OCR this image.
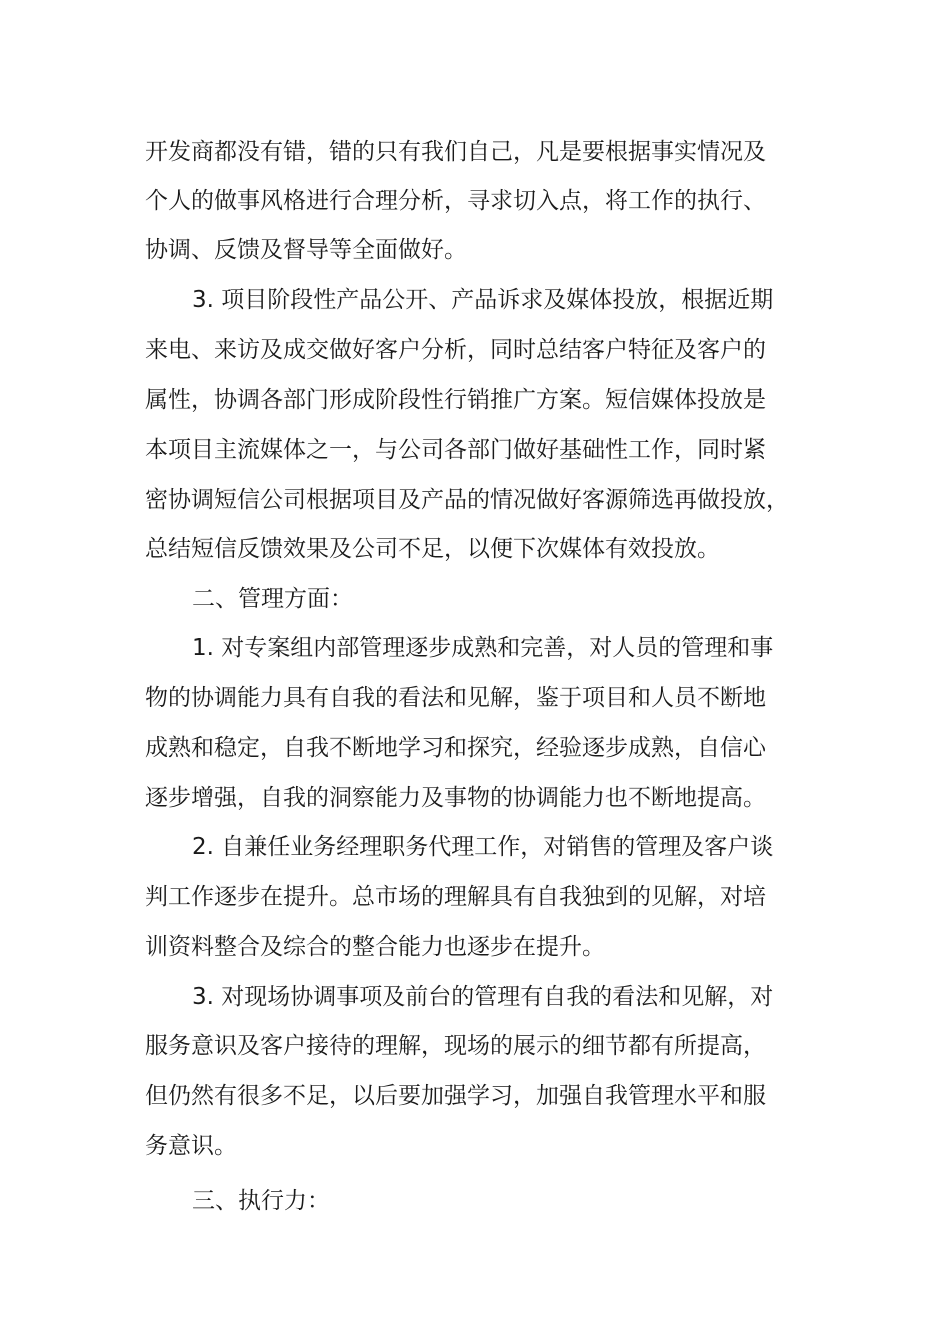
开发商都没有错，错的只有我们自己，凡是要根据事实情况及
个人的做事风格进行合理分析，寻求切入点，将工作的执行、
协调、反馈及督导等全面做好。
3. 项目阶段性产品公开、产品诉求及媒体投放，根据近期
来电、来访及成交做好客户分析，同时总结客户特征及客户的
属性，协调各部门形成阶段性行销推广方案。短信媒体投放是
本项目主流媒体之一，与公司各部门做好基础性工作，同时紧
密协调短信公司根据项目及产品的情况做好客源筛选再做投放，
总结短信反馈效果及公司不足，以便下次媒体有效投放。
二、管理方面：
1. 对专案组内部管理逐步成熟和完善，对人员的管理和事
物的协调能力具有自我的看法和见解，鉴于项目和人员不断地
成熟和稳定，自我不断地学习和探究，经验逐步成熟，自信心
逐步增强，自我的洞察能力及事物的协调能力也不断地提高。
2. 自兼任业务经理职务代理工作，对销售的管理及客户谈
判工作逐步在提升。总市场的理解具有自我独到的见解，对培
训资料整合及综合的整合能力也逐步在提升。
3. 对现场协调事项及前台的管理有自我的看法和见解，对
服务意识及客户接待的理解，现场的展示的细节都有所提高，
但仍然有很多不足，以后要加强学习，加强自我管理水平和服
务意识。
三、执行力：
